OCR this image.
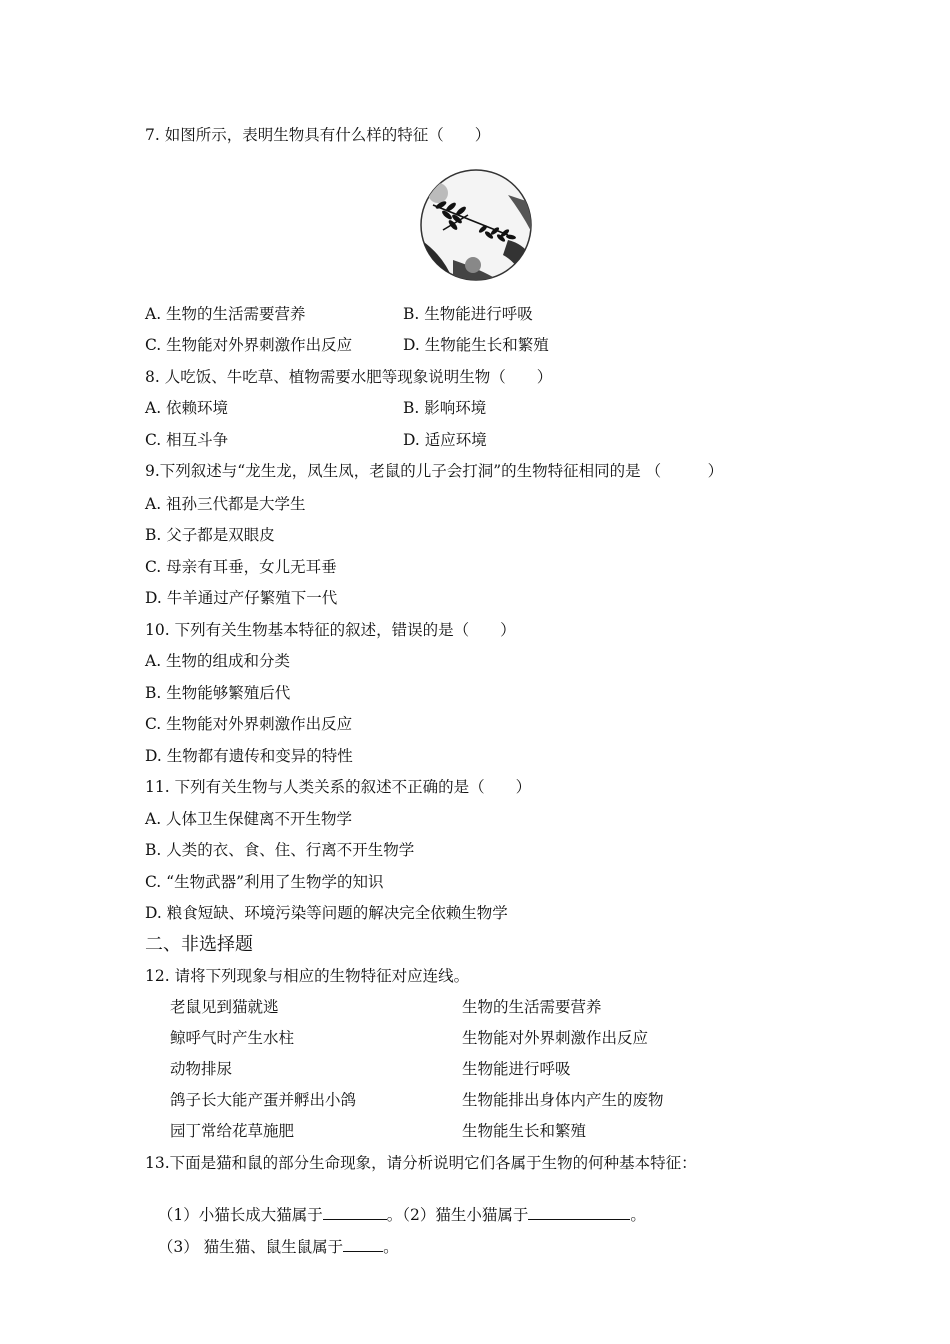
7. 如图所示，表明生物具有什么样的特征（　　）
A. 生物的生活需要营养	B. 生物能进行呼吸
C. 生物能对外界刺激作出反应	D. 生物能生长和繁殖
8. 人吃饭、牛吃草、植物需要水肥等现象说明生物（　　）
A. 依赖环境	B. 影响环境
C. 相互斗争	D. 适应环境
9.下列叙述与“龙生龙，凤生凤，老鼠的儿子会打洞”的生物特征相同的是 （　　　）
A. 祖孙三代都是大学生
B. 父子都是双眼皮
C. 母亲有耳垂，女儿无耳垂
D. 牛羊通过产仔繁殖下一代
10. 下列有关生物基本特征的叙述，错误的是（　　）
A. 生物的组成和分类
B. 生物能够繁殖后代
C. 生物能对外界刺激作出反应
D. 生物都有遗传和变异的特性
11. 下列有关生物与人类关系的叙述不正确的是（　　）
A. 人体卫生保健离不开生物学
B. 人类的衣、食、住、行离不开生物学
C. “生物武器”利用了生物学的知识
D. 粮食短缺、环境污染等问题的解决完全依赖生物学
二、非选择题
12. 请将下列现象与相应的生物特征对应连线。
老鼠见到猫就逃	生物的生活需要营养
鲸呼气时产生水柱	生物能对外界刺激作出反应
动物排尿	生物能进行呼吸
鸽子长大能产蛋并孵出小鸽	生物能排出身体内产生的废物
园丁常给花草施肥	生物能生长和繁殖
13.下面是猫和鼠的部分生命现象，请分析说明它们各属于生物的何种基本特征：

（1）小猫长成大猫属于	。（2）猫生小猫属于	。

（3） 猫生猫、鼠生鼠属于	。
